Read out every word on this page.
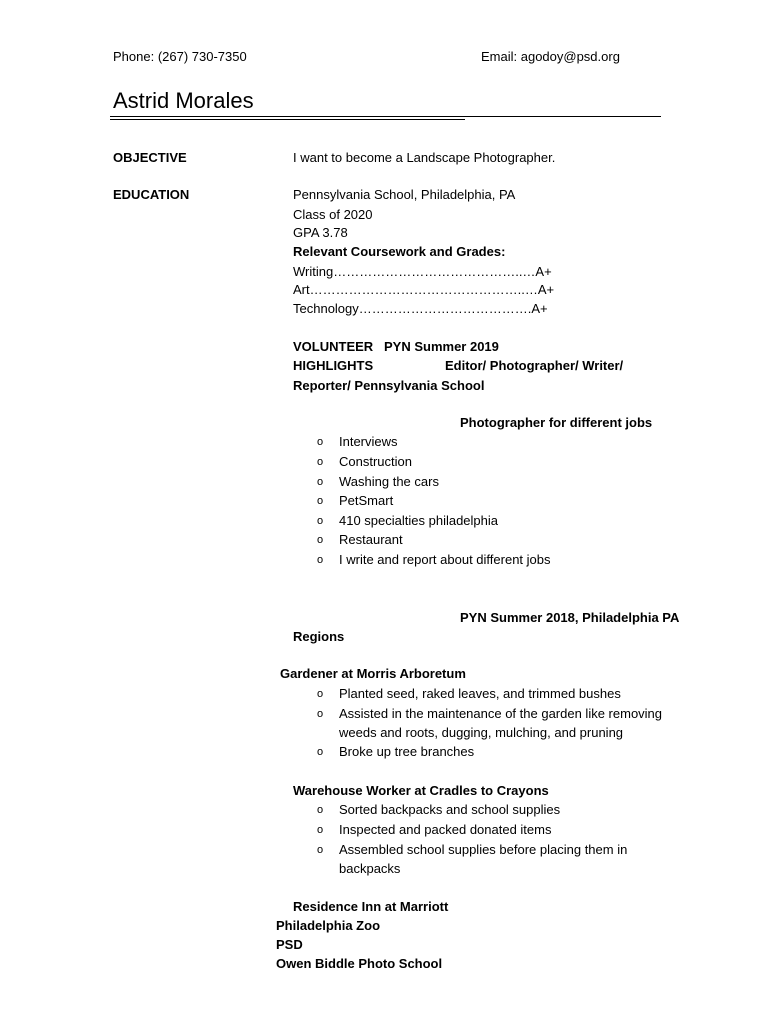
Phone: (267) 730-7350	Email: agodoy@psd.org
Astrid Morales
OBJECTIVE	I want to become a Landscape Photographer.
EDUCATION	Pennsylvania School, Philadelphia, PA
Class of 2020
GPA 3.78
Relevant Coursework and Grades:
Writing……………………………………..…A+
Art…………………………………………..…A+
Technology………………………………….A+
VOLUNTEER PYN Summer 2019
HIGHLIGHTS	Editor/ Photographer/ Writer/
Reporter/ Pennsylvania School
Photographer for different jobs
o Interviews
o Construction
o Washing the cars
o PetSmart
o 410 specialties philadelphia
o Restaurant
o I write and report about different jobs
PYN Summer 2018, Philadelphia PA
Regions
Gardener at Morris Arboretum
o Planted seed, raked leaves, and trimmed bushes
o Assisted in the maintenance of the garden like removing
weeds and roots, dugging, mulching, and pruning
o Broke up tree branches
Warehouse Worker at Cradles to Crayons
o Sorted backpacks and school supplies
o Inspected and packed donated items
o Assembled school supplies before placing them in
backpacks
Residence Inn at Marriott
Philadelphia Zoo
PSD
Owen Biddle Photo School
